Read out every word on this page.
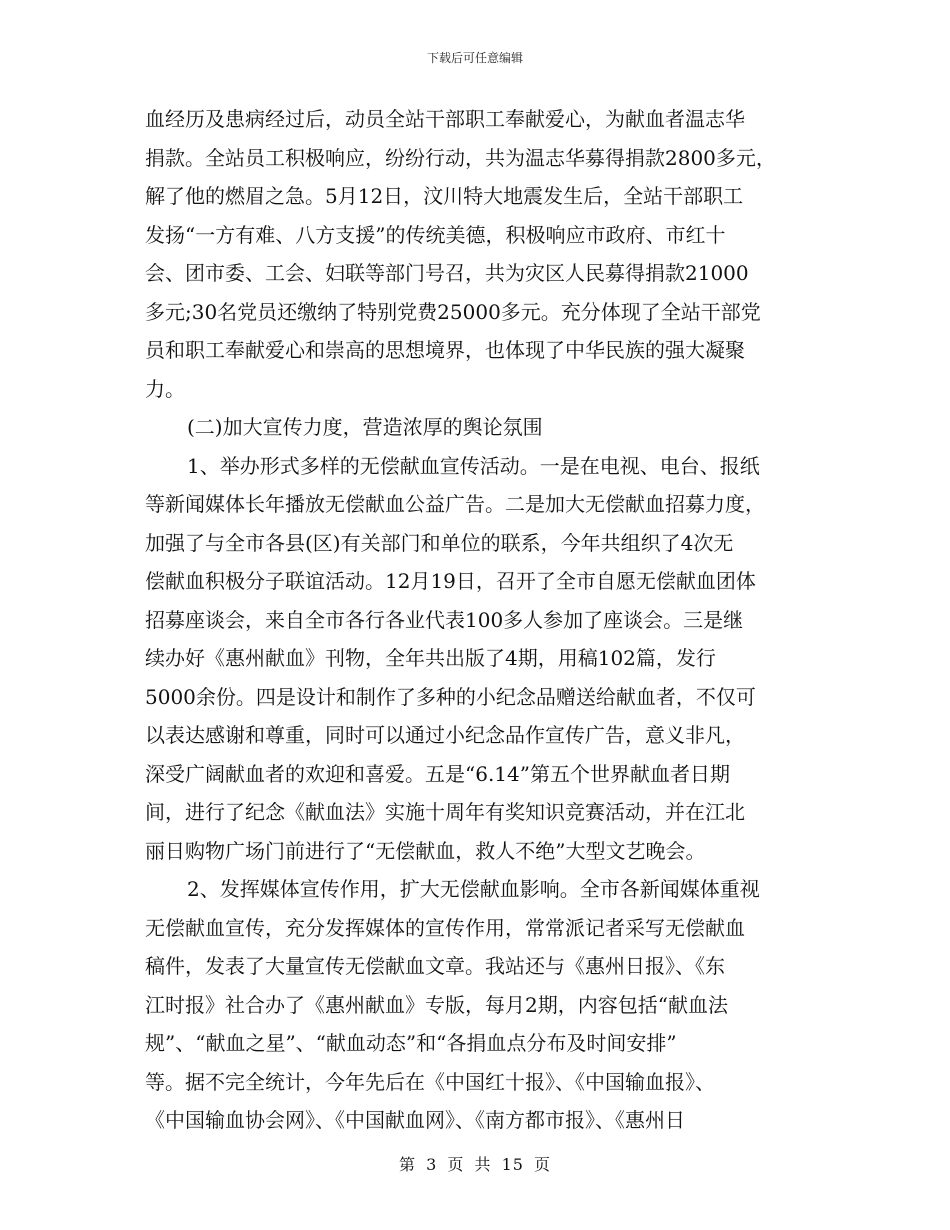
下载后可任意编辑
血经历及患病经过后，动员全站干部职工奉献爱心，为献血者温志华
捐款。全站员工积极响应，纷纷行动，共为温志华募得捐款2800多元，
解了他的燃眉之急。5月12日，汶川特大地震发生后，全站干部职工
发扬“一方有难、八方支援”的传统美德，积极响应市政府、市红十
会、团市委、工会、妇联等部门号召，共为灾区人民募得捐款21000
多元;30名党员还缴纳了特别党费25000多元。充分体现了全站干部党
员和职工奉献爱心和崇高的思想境界，也体现了中华民族的强大凝聚
力。
(二)加大宣传力度，营造浓厚的舆论氛围
1、举办形式多样的无偿献血宣传活动。一是在电视、电台、报纸
等新闻媒体长年播放无偿献血公益广告。二是加大无偿献血招募力度，
加强了与全市各县(区)有关部门和单位的联系，今年共组织了4次无
偿献血积极分子联谊活动。12月19日，召开了全市自愿无偿献血团体
招募座谈会，来自全市各行各业代表100多人参加了座谈会。三是继
续办好《惠州献血》刊物，全年共出版了4期，用稿102篇，发行
5000余份。四是设计和制作了多种的小纪念品赠送给献血者，不仅可
以表达感谢和尊重，同时可以通过小纪念品作宣传广告，意义非凡，
深受广阔献血者的欢迎和喜爱。五是“6.14”第五个世界献血者日期
间，进行了纪念《献血法》实施十周年有奖知识竞赛活动，并在江北
丽日购物广场门前进行了“无偿献血，救人不绝”大型文艺晚会。
2、发挥媒体宣传作用，扩大无偿献血影响。全市各新闻媒体重视
无偿献血宣传，充分发挥媒体的宣传作用，常常派记者采写无偿献血
稿件，发表了大量宣传无偿献血文章。我站还与《惠州日报》、《东
江时报》社合办了《惠州献血》专版，每月2期，内容包括“献血法
规”、“献血之星”、“献血动态”和“各捐血点分布及时间安排”
等。据不完全统计，今年先后在《中国红十报》、《中国输血报》、
《中国输血协会网》、《中国献血网》、《南方都市报》、《惠州日
第 3 页 共 15 页
